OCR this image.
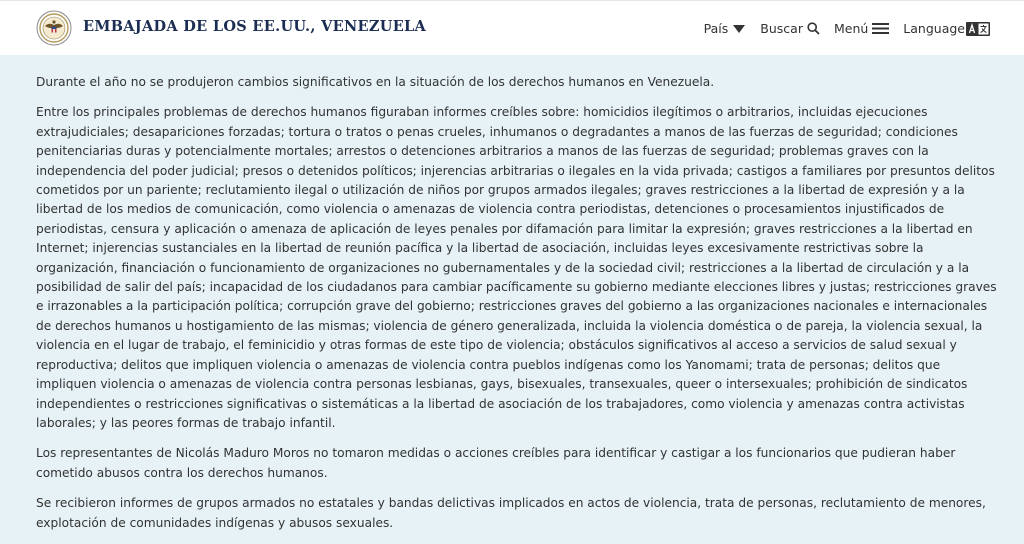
EMBAJADA DE LOS EE.UU., VENEZUELA	País	Buscar Menú	Language

Durante el año no se produjeron cambios significativos en la situación de los derechos humanos en Venezuela.

Entre los principales problemas de derechos humanos figuraban informes creíbles sobre: homicidios ilegítimos o arbitrarios, incluidas ejecuciones extrajudiciales; desapariciones forzadas; tortura o tratos o penas crueles, inhumanos o degradantes a manos de las fuerzas de seguridad; condiciones penitenciarias duras y potencialmente mortales; arrestos o detenciones arbitrarios a manos de las fuerzas de seguridad; problemas graves con la independencia del poder judicial; presos o detenidos políticos; injerencias arbitrarias o ilegales en la vida privada; castigos a familiares por presuntos delitos cometidos por un pariente; reclutamiento ilegal o utilización de niños por grupos armados ilegales; graves restricciones a la libertad de expresión y a la libertad de los medios de comunicación, como violencia o amenazas de violencia contra periodistas, detenciones o procesamientos injustificados de periodistas, censura y aplicación o amenaza de aplicación de leyes penales por difamación para limitar la expresión; graves restricciones a la libertad en Internet; injerencias sustanciales en la libertad de reunión pacífica y la libertad de asociación, incluidas leyes excesivamente restrictivas sobre la organización, financiación o funcionamiento de organizaciones no gubernamentales y de la sociedad civil; restricciones a la libertad de circulación y a la posibilidad de salir del país; incapacidad de los ciudadanos para cambiar pacíficamente su gobierno mediante elecciones libres y justas; restricciones graves e irrazonables a la participación política; corrupción grave del gobierno; restricciones graves del gobierno a las organizaciones nacionales e internacionales de derechos humanos u hostigamiento de las mismas; violencia de género generalizada, incluida la violencia doméstica o de pareja, la violencia sexual, la violencia en el lugar de trabajo, el feminicidio y otras formas de este tipo de violencia; obstáculos significativos al acceso a servicios de salud sexual y reproductiva; delitos que impliquen violencia o amenazas de violencia contra pueblos indígenas como los Yanomami; trata de personas; delitos que impliquen violencia o amenazas de violencia contra personas lesbianas, gays, bisexuales, transexuales, queer o intersexuales; prohibición de sindicatos independientes o restricciones significativas o sistemáticas a la libertad de asociación de los trabajadores, como violencia y amenazas contra activistas laborales; y las peores formas de trabajo infantil.

Los representantes de Nicolás Maduro Moros no tomaron medidas o acciones creíbles para identificar y castigar a los funcionarios que pudieran haber cometido abusos contra los derechos humanos.

Se recibieron informes de grupos armados no estatales y bandas delictivas implicados en actos de violencia, trata de personas, reclutamiento de menores, explotación de comunidades indígenas y abusos sexuales.
